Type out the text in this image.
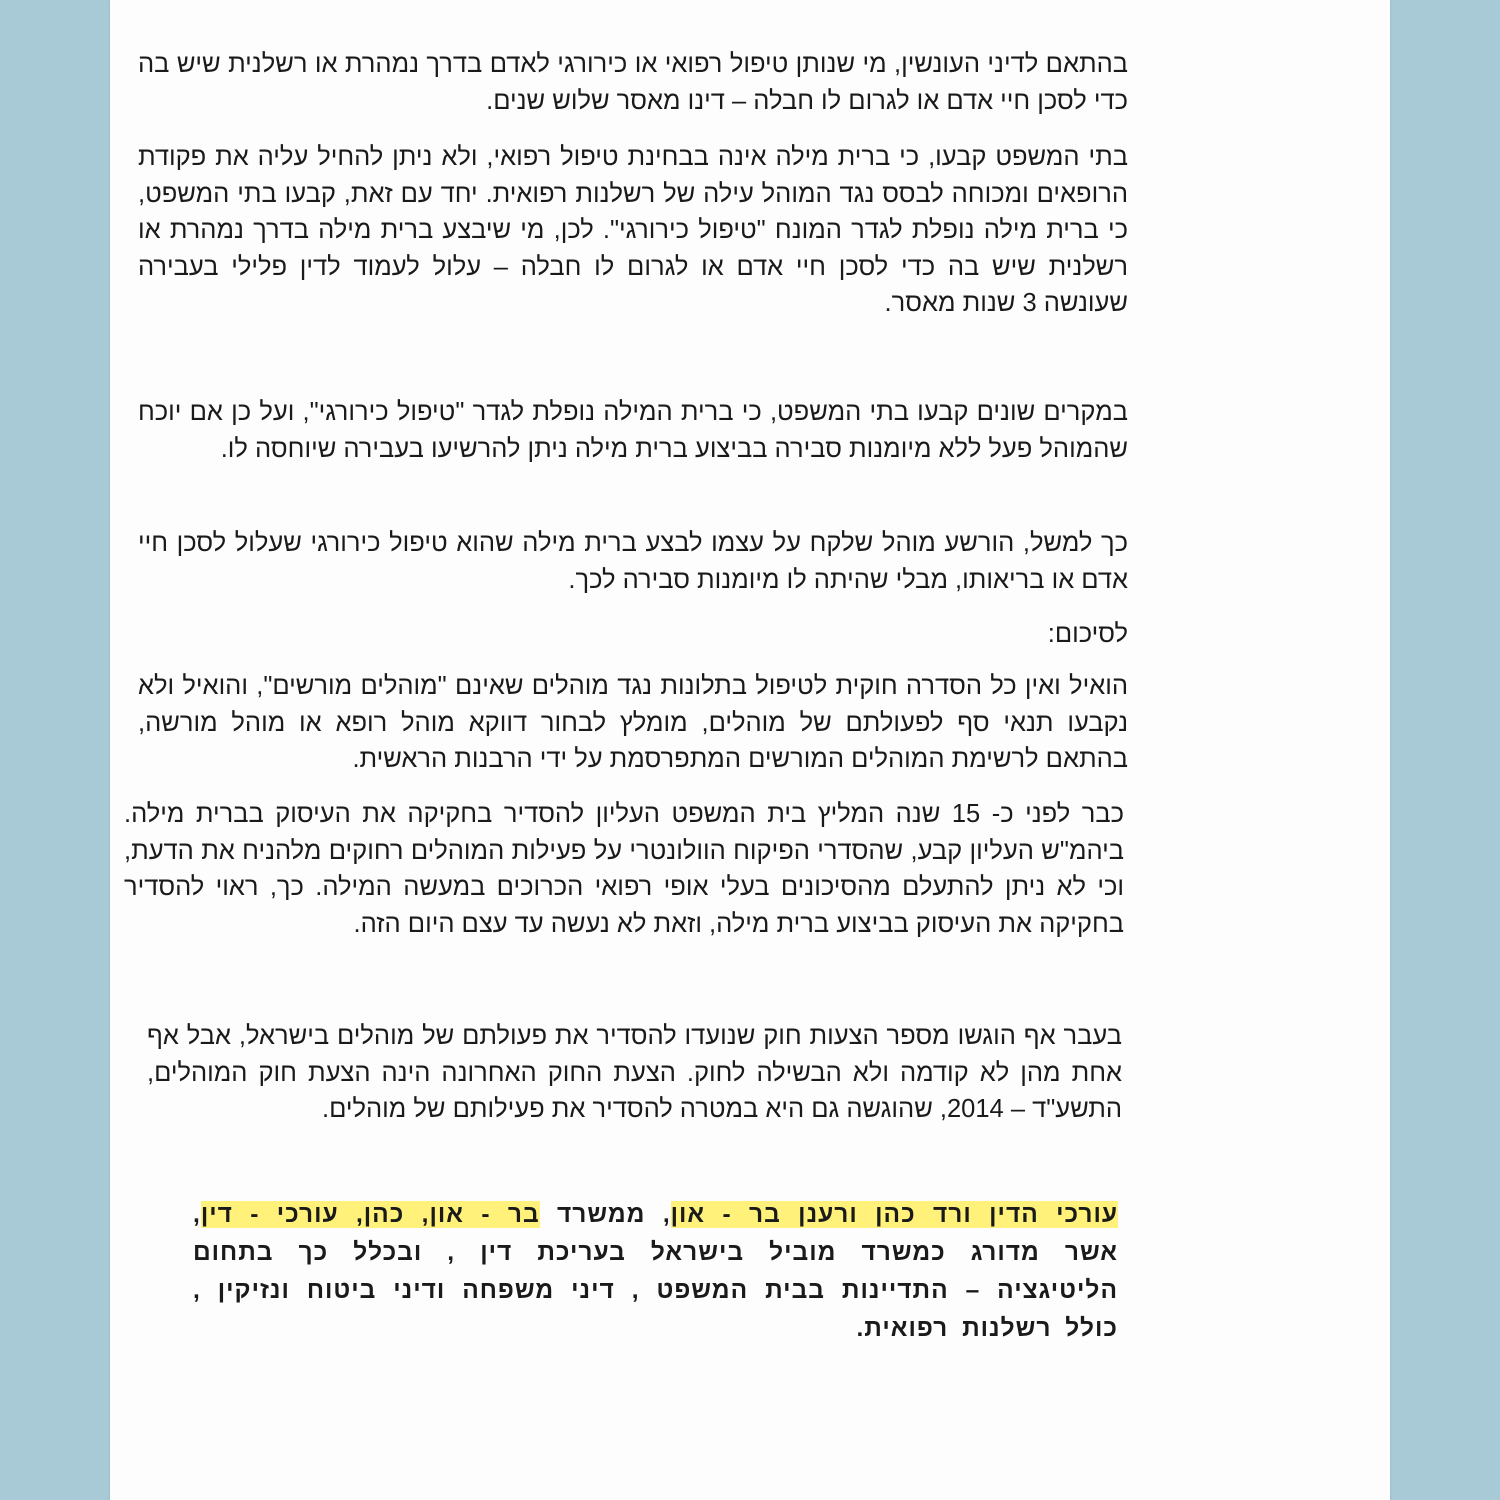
בהתאם לדיני העונשין, מי שנותן טיפול רפואי או כירורגי לאדם בדרך נמהרת או רשלנית שיש בה כדי לסכן חיי אדם או לגרום לו חבלה – דינו מאסר שלוש שנים.

בתי המשפט קבעו, כי ברית מילה אינה בבחינת טיפול רפואי, ולא ניתן להחיל עליה את פקודת הרופאים ומכוחה לבסס נגד המוהל עילה של רשלנות רפואית. יחד עם זאת, קבעו בתי המשפט, כי ברית מילה נופלת לגדר המונח "טיפול כירורגי". לכן, מי שיבצע ברית מילה בדרך נמהרת או רשלנית שיש בה כדי לסכן חיי אדם או לגרום לו חבלה – עלול לעמוד לדין פלילי בעבירה שעונשה 3 שנות מאסר.

במקרים שונים קבעו בתי המשפט, כי ברית המילה נופלת לגדר "טיפול כירורגי", ועל כן אם יוכח שהמוהל פעל ללא מיומנות סבירה בביצוע ברית מילה ניתן להרשיעו בעבירה שיוחסה לו.

כך למשל, הורשע מוהל שלקח על עצמו לבצע ברית מילה שהוא טיפול כירורגי שעלול לסכן חיי אדם או בריאותו, מבלי שהיתה לו מיומנות סבירה לכך.

לסיכום:

הואיל ואין כל הסדרה חוקית לטיפול בתלונות נגד מוהלים שאינם "מוהלים מורשים", והואיל ולא נקבעו תנאי סף לפעולתם של מוהלים, מומלץ לבחור דווקא מוהל רופא או מוהל מורשה, בהתאם לרשימת המוהלים המורשים המתפרסמת על ידי הרבנות הראשית.

כבר לפני כ- 15 שנה המליץ בית המשפט העליון להסדיר בחקיקה את העיסוק בברית מילה. ביהמ"ש העליון קבע, שהסדרי הפיקוח הוולונטרי על פעילות המוהלים רחוקים מלהניח את הדעת, וכי לא ניתן להתעלם מהסיכונים בעלי אופי רפואי הכרוכים במעשה המילה. כך, ראוי להסדיר בחקיקה את העיסוק בביצוע ברית מילה, וזאת לא נעשה עד עצם היום הזה.

בעבר אף הוגשו מספר הצעות חוק שנועדו להסדיר את פעולתם של מוהלים בישראל, אבל אף אחת מהן לא קודמה ולא הבשילה לחוק. הצעת החוק האחרונה הינה הצעת חוק המוהלים, התשע"ד – 2014, שהוגשה גם היא במטרה להסדיר את פעילותם של מוהלים.

עורכי הדין ורד כהן ורענן בר - און, ממשרד בר - און, כהן, עורכי - דין, אשר מדורג כמשרד מוביל בישראל בעריכת דין , ובכלל כך בתחום הליטיגציה – התדיינות בבית המשפט , דיני משפחה ודיני ביטוח ונזיקין , כולל רשלנות רפואית.
